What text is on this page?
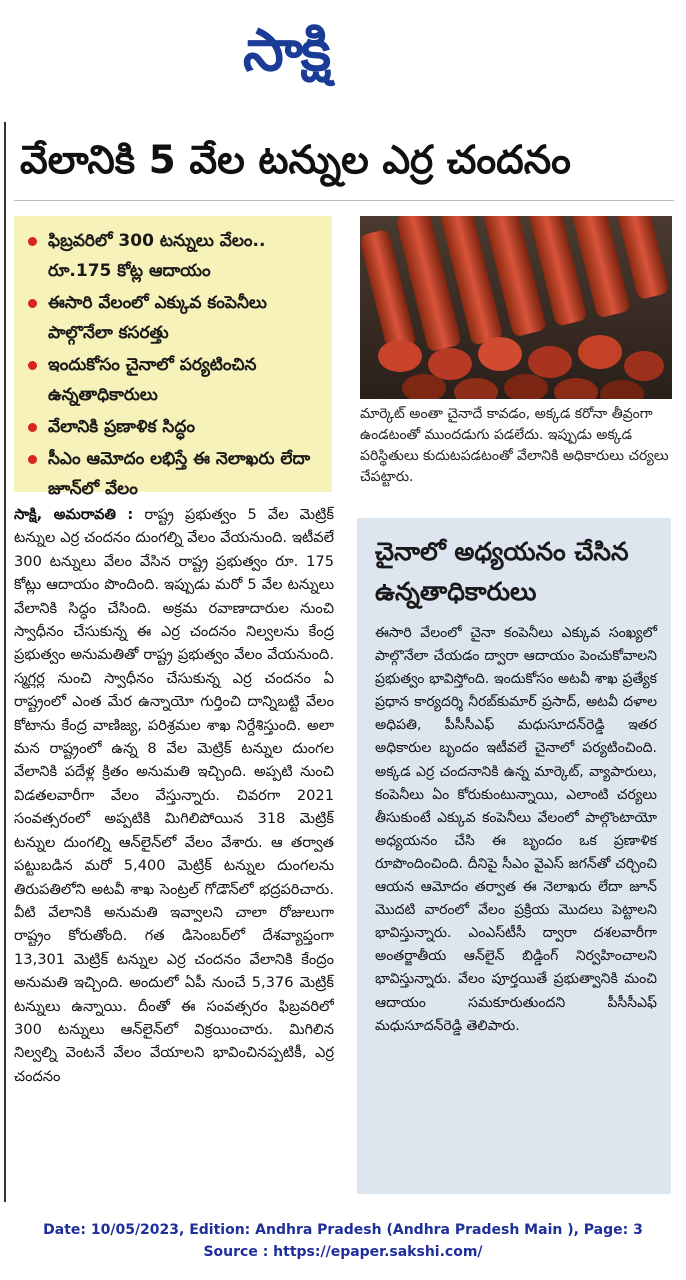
సాక్షి
వేలానికి 5 వేల టన్నుల ఎర్ర చందనం
ఫిబ్రవరిలో 300 టన్నులు వేలం.. రూ.175 కోట్ల ఆదాయం
ఈసారి వేలంలో ఎక్కువ కంపెనీలు పాల్గొనేలా కసరత్తు
ఇందుకోసం చైనాలో పర్యటించిన ఉన్నతాధికారులు
వేలానికి ప్రణాళిక సిద్ధం
సీఎం ఆమోదం లభిస్తే ఈ నెలాఖరు లేదా జూన్‌లో వేలం
మార్కెట్‌ అంతా చైనాదే కావడం, అక్కడ కరోనా తీవ్రంగా ఉండటంతో ముందడుగు పడలేదు. ఇప్పుడు అక్కడ పరిస్థితులు కుదుటపడటంతో వేలానికి అధికారులు చర్యలు చేపట్టారు.
సాక్షి, అమరావతి : రాష్ట్ర ప్రభుత్వం 5 వేల మెట్రిక్‌ టన్నుల ఎర్ర చందనం దుంగల్ని వేలం వేయనుంది. ఇటీవలే 300 టన్నులు వేలం వేసిన రాష్ట్ర ప్రభుత్వం రూ. 175 కోట్లు ఆదాయం పొందింది. ఇప్పుడు మరో 5 వేల టన్నులు వేలానికి సిద్ధం చేసింది. అక్రమ రవాణాదారుల నుంచి స్వాధీనం చేసుకున్న ఈ ఎర్ర చందనం నిల్వలను కేంద్ర ప్రభుత్వం అనుమతితో రాష్ట్ర ప్రభుత్వం వేలం వేయనుంది. స్మగ్లర్ల నుంచి స్వాధీనం చేసుకున్న ఎర్ర చందనం ఏ రాష్ట్రంలో ఎంత మేర ఉన్నాయో గుర్తించి దాన్నిబట్టి వేలం కోటాను కేంద్ర వాణిజ్య, పరిశ్రమల శాఖ నిర్దేశిస్తుంది. అలా మన రాష్ట్రంలో ఉన్న 8 వేల మెట్రిక్‌ టన్నుల దుంగల వేలానికి పదేళ్ల క్రితం అనుమతి ఇచ్చింది. అప్పటి నుంచి విడతలవారీగా వేలం వేస్తున్నారు. చివరగా 2021 సంవత్సరంలో అప్పటికి మిగిలిపోయిన 318 మెట్రిక్‌ టన్నుల దుంగల్ని ఆన్‌లైన్‌లో వేలం వేశారు. ఆ తర్వాత పట్టుబడిన మరో 5,400 మెట్రిక్‌ టన్నుల దుంగలను తిరుపతిలోని అటవీ శాఖ సెంట్రల్‌ గోడౌన్‌లో భద్రపరిచారు. వీటి వేలానికి అనుమతి ఇవ్వాలని చాలా రోజులుగా రాష్ట్రం కోరుతోంది. గత డిసెంబర్‌లో దేశవ్యాప్తంగా 13,301 మెట్రిక్‌ టన్నుల ఎర్ర చందనం వేలానికి కేంద్రం అనుమతి ఇచ్చింది. అందులో ఏపీ నుంచే 5,376 మెట్రిక్‌ టన్నులు ఉన్నాయి. దీంతో ఈ సంవత్సరం ఫిబ్రవరిలో 300 టన్నులు ఆన్‌లైన్‌లో విక్రయించారు. మిగిలిన నిల్వల్ని వెంటనే వేలం వేయాలని భావించినప్పటికీ, ఎర్ర చందనం
చైనాలో అధ్యయనం చేసిన ఉన్నతాధికారులు
ఈసారి వేలంలో చైనా కంపెనీలు ఎక్కువ సంఖ్యలో పాల్గొనేలా చేయడం ద్వారా ఆదాయం పెంచుకోవాలని ప్రభుత్వం భావిస్తోంది. ఇందుకోసం అటవీ శాఖ ప్రత్యేక ప్రధాన కార్యదర్శి నీరబ్‌కుమార్‌ ప్రసాద్‌, అటవీ దళాల అధిపతి, పీసీసీఎఫ్‌ మధుసూదన్‌రెడ్డి ఇతర అధికారుల బృందం ఇటీవలే చైనాలో పర్యటించింది. అక్కడ ఎర్ర చందనానికి ఉన్న మార్కెట్‌, వ్యాపారులు, కంపెనీలు ఏం కోరుకుంటున్నాయి, ఎలాంటి చర్యలు తీసుకుంటే ఎక్కువ కంపెనీలు వేలంలో పాల్గొంటాయో అధ్యయనం చేసి ఈ బృందం ఒక ప్రణాళిక రూపొందించింది. దీనిపై సీఎం వైఎస్‌ జగన్‌తో చర్చించి ఆయన ఆమోదం తర్వాత ఈ నెలాఖరు లేదా జూన్‌ మొదటి వారంలో వేలం ప్రక్రియ మొదలు పెట్టాలని భావిస్తున్నారు. ఎంఎస్‌టీసీ ద్వారా దశలవారీగా అంతర్జాతీయ ఆన్‌లైన్‌ బిడ్డింగ్‌ నిర్వహించాలని భావిస్తున్నారు. వేలం పూర్తయితే ప్రభుత్వానికి మంచి ఆదాయం సమకూరుతుందని పీసీసీఎఫ్‌ మధుసూదన్‌రెడ్డి తెలిపారు.
Date: 10/05/2023, Edition: Andhra Pradesh (Andhra Pradesh Main ), Page: 3
Source : https://epaper.sakshi.com/
